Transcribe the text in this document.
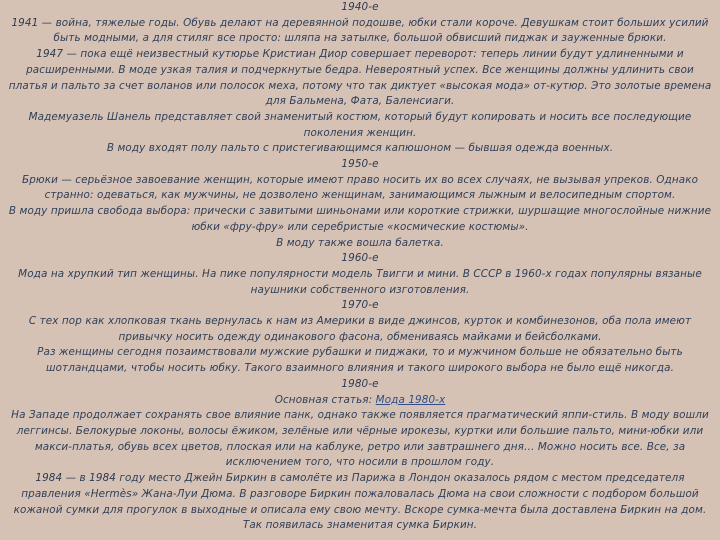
1940-е

1941 — война, тяжелые годы. Обувь делают на деревянной подошве, юбки стали короче. Девушкам стоит больших усилий быть модными, а для стиляг все просто: шляпа на затылке, большой обвисший пиджак и зауженные брюки.

1947 — пока ещё неизвестный кутюрье Кристиан Диор совершает переворот: теперь линии будут удлиненными и расширенными. В моде узкая талия и подчеркнутые бедра. Невероятный успех. Все женщины должны удлинить свои платья и пальто за счет воланов или полосок меха, потому что так диктует «высокая мода» от-кутюр. Это золотые времена для Бальмена, Фата, Баленсиаги.

Мадемуазель Шанель представляет свой знаменитый костюм, который будут копировать и носить все последующие поколения женщин.

В моду входят полу пальто с пристегивающимся капюшоном — бывшая одежда военных.

1950-е

Брюки — серьёзное завоевание женщин, которые имеют право носить их во всех случаях, не вызывая упреков. Однако странно: одеваться, как мужчины, не дозволено женщинам, занимающимся лыжным и велосипедным спортом.

В моду пришла свобода выбора: прически с завитыми шиньонами или короткие стрижки, шуршащие многослойные нижние юбки «фру-фру» или серебристые «космические костюмы».

В моду также вошла балетка.

1960-е

Мода на хрупкий тип женщины. На пике популярности модель Твигги и мини. В СССР в 1960-х годах популярны вязаные наушники собственного изготовления.

1970-е

С тех пор как хлопковая ткань вернулась к нам из Америки в виде джинсов, курток и комбинезонов, оба пола имеют привычку носить одежду одинакового фасона, обмениваясь майками и бейсболками.

Раз женщины сегодня позаимствовали мужские рубашки и пиджаки, то и мужчином больше не обязательно быть шотландцами, чтобы носить юбку. Такого взаимного влияния и такого широкого выбора не было ещё никогда.

1980-е

Основная статья: Мода 1980-х

На Западе продолжает сохранять свое влияние панк, однако также появляется прагматический яппи-стиль. В моду вошли леггинсы. Белокурые локоны, волосы ёжиком, зелёные или чёрные ирокезы, куртки или большие пальто, мини-юбки или макси-платья, обувь всех цветов, плоская или на каблуке, ретро или завтрашнего дня… Можно носить все. Все, за исключением того, что носили в прошлом году.

1984 — в 1984 году место Джейн Биркин в самолёте из Парижа в Лондон оказалось рядом с местом председателя правления «Hermès» Жана-Луи Дюма. В разговоре Биркин пожаловалась Дюма на свои сложности с подбором большой кожаной сумки для прогулок в выходные и описала ему свою мечту. Вскоре сумка-мечта была доставлена Биркин на дом. Так появилась знаменитая сумка Биркин.
